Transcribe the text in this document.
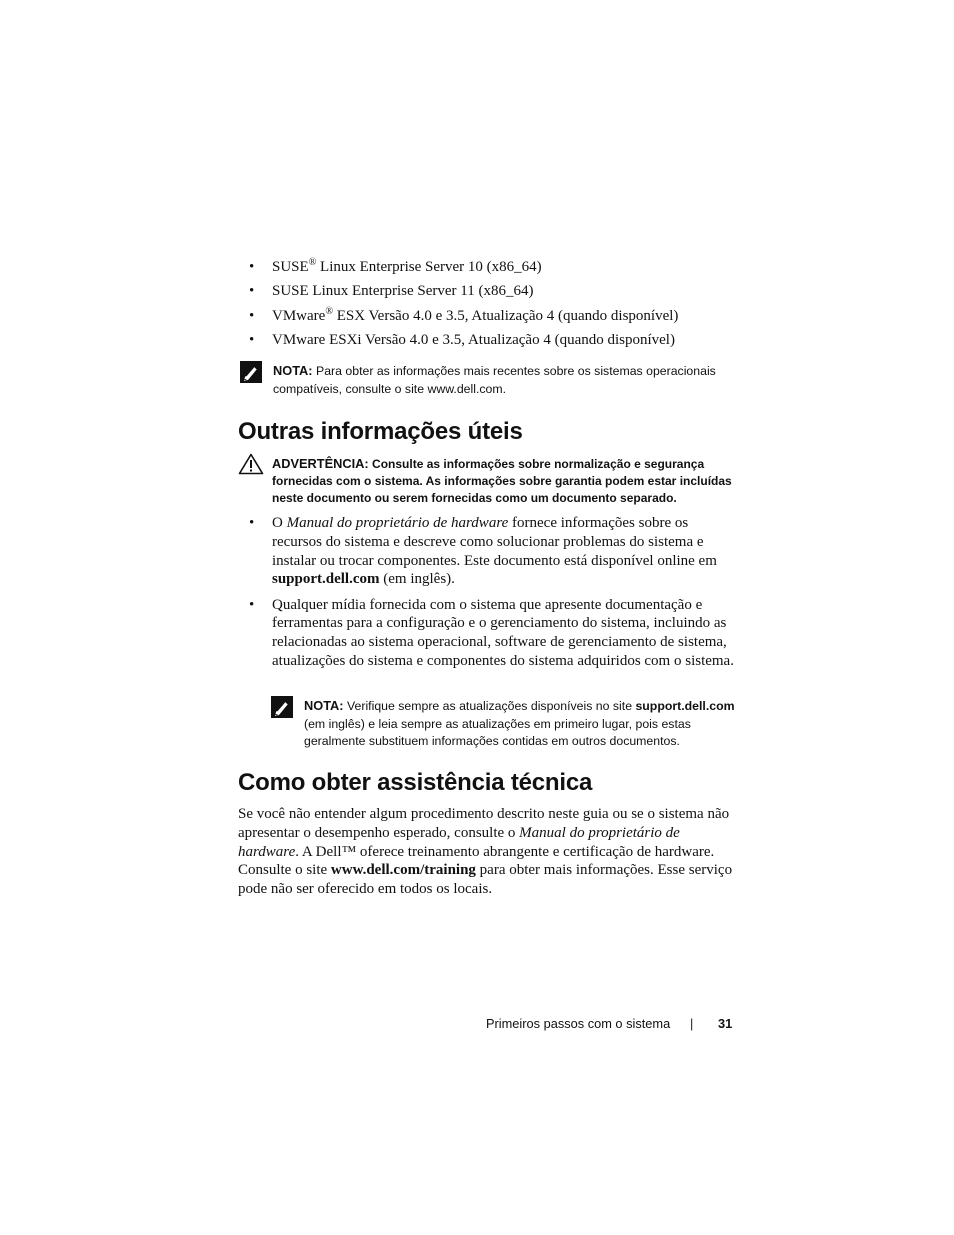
• SUSE® Linux Enterprise Server 10 (x86_64)
• SUSE Linux Enterprise Server 11 (x86_64)
• VMware® ESX Versão 4.0 e 3.5, Atualização 4 (quando disponível)
• VMware ESXi Versão 4.0 e 3.5, Atualização 4 (quando disponível)
NOTA: Para obter as informações mais recentes sobre os sistemas operacionais compatíveis, consulte o site www.dell.com.
Outras informações úteis
ADVERTÊNCIA: Consulte as informações sobre normalização e segurança fornecidas com o sistema. As informações sobre garantia podem estar incluídas neste documento ou serem fornecidas como um documento separado.
• O Manual do proprietário de hardware fornece informações sobre os recursos do sistema e descreve como solucionar problemas do sistema e instalar ou trocar componentes. Este documento está disponível online em support.dell.com (em inglês).
• Qualquer mídia fornecida com o sistema que apresente documentação e ferramentas para a configuração e o gerenciamento do sistema, incluindo as relacionadas ao sistema operacional, software de gerenciamento de sistema, atualizações do sistema e componentes do sistema adquiridos com o sistema.
NOTA: Verifique sempre as atualizações disponíveis no site support.dell.com (em inglês) e leia sempre as atualizações em primeiro lugar, pois estas geralmente substituem informações contidas em outros documentos.
Como obter assistência técnica

Se você não entender algum procedimento descrito neste guia ou se o sistema não apresentar o desempenho esperado, consulte o Manual do proprietário de hardware. A Dell™ oferece treinamento abrangente e certificação de hardware. Consulte o site www.dell.com/training para obter mais informações. Esse serviço pode não ser oferecido em todos os locais.

Primeiros passos com o sistema | 31
